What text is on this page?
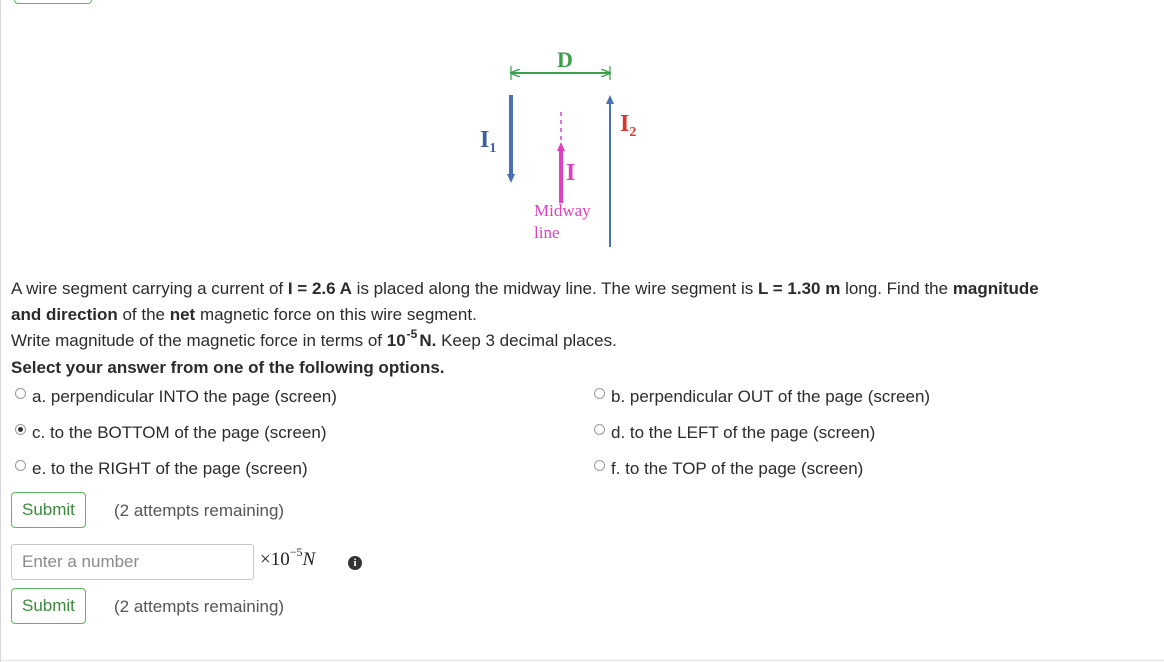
D
$I_1$
$I_2$
I
Midway
line

A wire segment carrying a current of I = 2.6 A is placed along the midway line. The wire segment is L = 1.30 m long. Find the magnitude

and direction of the net magnetic force on this wire segment.

Write magnitude of the magnetic force in terms of $10^{-5}$ N. Keep 3 decimal places.

Select your answer from one of the following options.

a. perpendicular INTO the page (screen)	b. perpendicular OUT of the page (screen)
c. to the BOTTOM of the page (screen)	d. to the LEFT of the page (screen)
e. to the RIGHT of the page (screen)	f. to the TOP of the page (screen)
Submit	(2 attempts remaining)
Enter a number
$\times 10^{-5}N$	i
Submit	(2 attempts remaining)
